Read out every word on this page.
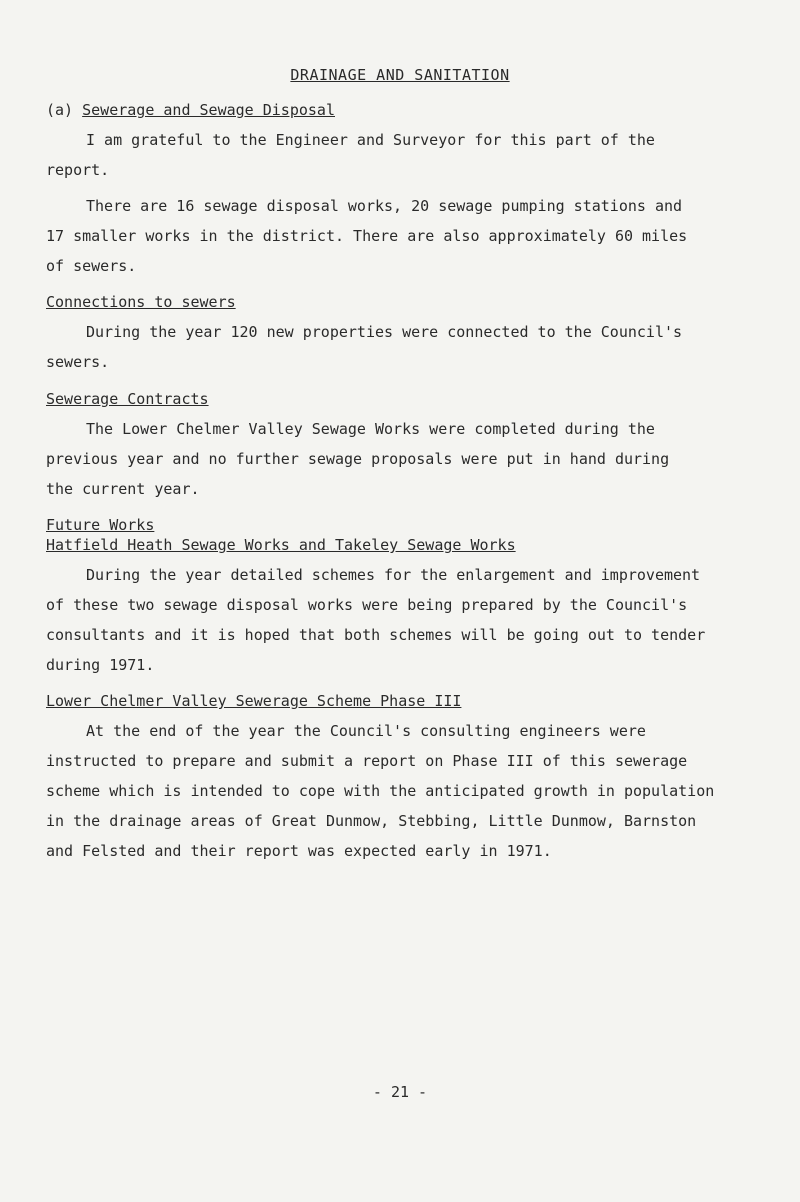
DRAINAGE AND SANITATION
(a) Sewerage and Sewage Disposal
I am grateful to the Engineer and Surveyor for this part of the
report.
There are 16 sewage disposal works, 20 sewage pumping stations and
17 smaller works in the district. There are also approximately 60 miles
of sewers.
Connections to sewers
During the year 120 new properties were connected to the Council's
sewers.
Sewerage Contracts
The Lower Chelmer Valley Sewage Works were completed during the
previous year and no further sewage proposals were put in hand during
the current year.
Future Works
Hatfield Heath Sewage Works and Takeley Sewage Works
During the year detailed schemes for the enlargement and improvement
of these two sewage disposal works were being prepared by the Council's
consultants and it is hoped that both schemes will be going out to tender
during 1971.
Lower Chelmer Valley Sewerage Scheme Phase III
At the end of the year the Council's consulting engineers were
instructed to prepare and submit a report on Phase III of this sewerage
scheme which is intended to cope with the anticipated growth in population
in the drainage areas of Great Dunmow, Stebbing, Little Dunmow, Barnston
and Felsted and their report was expected early in 1971.
- 21 -
